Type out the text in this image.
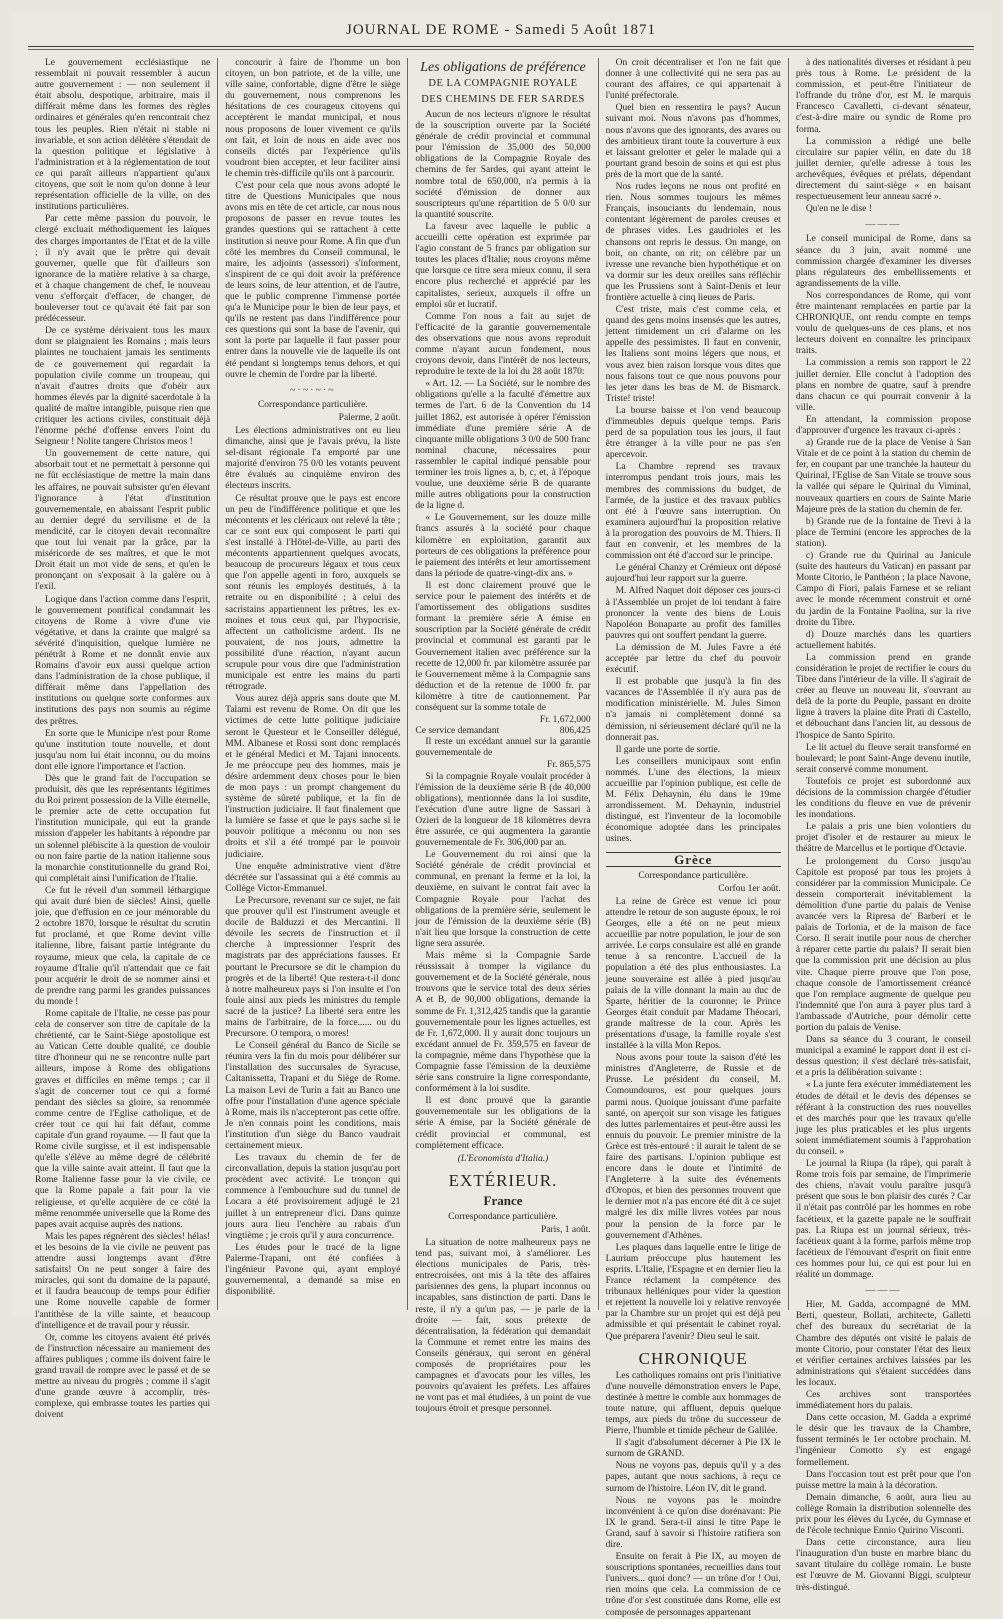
JOURNAL DE ROME - Samedi 5 Août 1871

Le gouvernement ecclésiastique ne ressemblait ni pouvait ressembler à aucun autre gouvernement : — non seulement il était absolu, despotique, arbitraire, mais il différait même dans les formes des règles ordinaires et générales qu'en rencontrait chez tous les peuples. Rien n'était ni stable ni invariable, et son action délétère s'étendait de la question politique et législative à l'administration et à la réglementation de tout ce qui paraît ailleurs n'appartient qu'aux citoyens, que soit le nom qu'on donne à leur représentation officielle de la ville, on des institutions particulières.

Par cette même passion du pouvoir, le clergé excluait méthodiquement les laïques des charges importantes de l'Etat et de la ville ; il n'y avait que le prêtre qui devait gouverner, quelle que fût d'ailleurs son ignorance de la matière relative à sa charge, et à chaque changement de chef, le nouveau venu s'efforçait d'effacer, de changer, de bouleverser tout ce qu'avait été fait par son prédécesseur.

De ce système dérivaient tous les maux dont se plaignaient les Romains ; mais leurs plaintes ne touchaient jamais les sentiments de ce gouvernement qui regardait la population civile comme un troupeau, qui n'avait d'autres droits que d'obéir aux hommes élevés par la dignité sacerdotale à la qualité de maître intangible, puisque rien que critiquer les actions civiles, constituait déjà l'énorme péché d'offense envers l'oint du Seigneur ! Nolite tangere Christos meos !

Un gouvernement de cette nature, qui absorbait tout et ne permettait à personne qui ne fût ecclésiastique de mettre la main dans les affaires, ne pouvait subsister qu'en élevant l'ignorance à l'état d'institution gouvernementale, en abaissant l'esprit public au dernier degré du servilisme et de la mendicité, car le citoyen devait reconnaître que tout lui venait par la grâce, par la miséricorde de ses maîtres, et que le mot Droit était un mot vide de sens, et qu'en le prononçant on s'exposait à la galère ou à l'exil.

Logique dans l'action comme dans l'esprit, le gouvernement pontifical condamnait les citoyens de Rome à vivre d'une vie végétative, et dans la crainte que malgré sa sévérité d'inquisition, quelque lumière ne pénétrât à Rome et ne donnât envie aux Romains d'avoir eux aussi quelque action dans l'administration de la chose publique, il différait même dans l'appellation des institutions ou quelque sorte conformes aux institutions des pays non soumis au régime des prêtres.

En sorte que le Municipe n'est pour Rome qu'une institution toute nouvelle, et dont jusqu'au nom lui était inconnu, ou du moins dont elle ignore l'importance et l'action.

Dès que le grand fait de l'occupation se produisit, dès que les représentants légitimes du Roi prirent possession de la Ville éternelle, le premier acte de cette occupation fut l'institution municipale, qui eut la grande mission d'appeler les habitants à répondre par un solennel plébiscite à la question de vouloir ou non faire partie de la nation italienne sous la monarchie constitutionnelle du grand Roi, qui complétait ainsi l'unification de l'Italie.

Ce fut le réveil d'un sommeil léthargique qui avait duré bien de siècles! Ainsi, quelle joie, que d'effusion en ce jour mémorable du 2 octobre 1870, lorsque le résultat du scrutin fut proclamé, et que Rome devint ville italienne, libre, faisant partie intégrante du royaume, mieux que cela, la capitale de ce royaume d'Italie qu'il n'attendait que ce fait pour acquérir le droit de se nommer ainsi et de prendre rang parmi les grandes puissances du monde !

Rome capitale de l'Italie, ne cesse pas pour cela de conserver son titre de capitale de la chrétienté, car le Saint-Siège apostolique est au Vatican Cette double qualité, ce double titre d'honneur qui ne se rencontre nulle part ailleurs, impose à Rome des obligations graves et difficiles en même temps ; car il s'agit de concerner tout ce qui a formé pendant des siècles sa gloire, sa renommée comme centre de l'Eglise catholique, et de créer tout ce qui lui fait défaut, comme capitale d'un grand royaume. — Il faut que la Rome civile surgisse, et il est indispensable qu'elle s'élève au même degré de célébrité que la ville sainte avait atteint. Il faut que la Rome Italienne fasse pour la vie civile, ce que la Rome papale a fait pour la vie religieuse, et qu'elle acquière de ce côté la même renommée universelle que la Rome des papes avait acquise auprès des nations.

Mais les papes régnèrent des siècles! hélas! et les besoins de la vie civile ne peuvent pas attendre aussi longtemps avant d'être satisfaits! On ne peut songer à faire des miracles, qui sont du domaine de la papauté, et il faudra beaucoup de temps pour édifier une Rome nouvelle capable de former l'antithèse de la ville sainte, et beaucoup d'intelligence et de travail pour y réussir.

Or, comme les citoyens avaient été privés de l'instruction nécessaire au maniement des affaires publiques ; comme ils doivent faire le grand travail de rompre avec le passé et de se mettre au niveau du progrès ; comme il s'agit d'une grande œuvre à accomplir, très-complexe, qui embrasse toutes les parties qui doivent

concourir à faire de l'homme un bon citoyen, un bon patriote, et de la ville, une ville saine, confortable, digne d'être le siège du gouvernement, nous comprenons les hésitations de ces courageux citoyens qui acceptèrent le mandat municipal, et nous nous proposons de louer vivement ce qu'ils ont fait, et loin de nous en aide avec nos conseils dictés par l'expérience qu'ils voudront bien accepter, et leur faciliter ainsi le chemin très-difficile qu'ils ont à parcourir.

C'est pour cela que nous avons adopté le titre de Questions Municipales que nous avons mis en tête de cet article, car nous nous proposons de passer en revue toutes les grandes questions qui se rattachent à cette institution si neuve pour Rome. A fin que d'un côté les membres du Conseil communal, le maire, les adjoints (assessori) s'informent, s'inspirent de ce qui doit avoir la préférence de leurs soins, de leur attention, et de l'autre, que le public comprenne l'immense portée qu'a le Municipe pour le bien de leur pays, et qu'ils ne restent pas dans l'indifférence pour ces questions qui sont la base de l'avenir, qui sont la porte par laquelle il faut passer pour entrer dans la nouvelle vie de laquelle ils ont été pendant si longtemps tenus dehors, et qui ouvre le chemin de l'ordre par la liberté.

~·~·~·~
Correspondance particulière.
Palerme, 2 août.

Les élections administratives ont eu lieu dimanche, ainsi que je l'avais prévu, la liste sel-disant régionale l'a emporté par une majorité d'environ 75 0/0 les votants peuvent être évalués au cinquième environ des électeurs inscrits.

Ce résultat prouve que le pays est encore un peu de l'indifférence politique et que les mécontents et les cléricaux ont relevé la tête ; car ce sont eux qui composent le parti qui s'est installé à l'Hôtel-de-Ville, au parti des mécontents appartiennent quelques avocats, beaucoup de procureurs légaux et tous ceux que l'on appelle agenti in foro, auxquels se sont réunis les employés destitués, à la retraite ou en disponibilité ; à celui des sacristains appartiennent les prêtres, les ex-moines et tous ceux qui, par l'hypocrisie, affectent un catholicisme ardent. Ils ne pouvaient, de nos jours, admettre la possibilité d'une réaction, n'ayant aucun scrupule pour vous dire que l'administration municipale est entre les mains du parti rétrograde.

Vous aurez déjà appris sans doute que M. Talami est revenu de Rome. On dit que les victimes de cette lutte politique judiciaire seront le Questeur et le Conseiller délégué, MM. Albanese et Rossi sont donc remplacés et le général Medici et M. Tajani innocents. Je me préoccupe peu des hommes, mais je désire ardemment deux choses pour le bien de mon pays : un prompt changement du système de sûreté publique, et la fin de l'instruction judiciaire. Il faut finalement que la lumière se fasse et que le pays sache si le pouvoir politique a méconnu ou non ses droits et s'il a été trompé par le pouvoir judiciaire.

Une enquête administrative vient d'être décrétée sur l'assassinat qui a été commis au Collège Victor-Emmanuel.

Le Precursore, revenant sur ce sujet, ne fait que prouver qu'il est l'instrument aveugle et docile de Balduzzi et des Mercantini. Il dévoile les secrets de l'instruction et il cherche à impressionner l'esprit des magistrats par des appréciations fausses. Et pourtant le Precursore se dit le champion du progrès et de la liberté! Que restera-t-il donc à notre malheureux pays si l'on insulte et l'on foule ainsi aux pieds les ministres du temple sacré de la justice? La liberté sera entre les mains de l'arbitraire, de la force...... ou du Precursore. O tempora, o mores!

Le Conseil général du Banco de Sicile se réunira vers la fin du mois pour délibérer sur l'installation des succursales de Syracuse, Caltanissetta, Trapani et du Siège de Rome. La maison Levi de Turin a fait au Banco une offre pour l'installation d'une agence spéciale à Rome, mais ils n'accepteront pas cette offre. Je n'en connais point les conditions, mais l'institution d'un siège du Banco vaudrait certainement mieux.

Les travaux du chemin de fer de circonvallation, depuis la station jusqu'au port procèdent avec activité. Le tronçon qui commence à l'embouchure sud du tunnel de Locara a été provisoirement adjugé le 21 juillet à un entrepreneur d'ici. Dans quinze jours aura lieu l'enchère au rabais d'un vingtième ; je crois qu'il y aura concurrence.

Les études pour le tracé de la ligne Palerme-Trapani, ont été confiées à l'ingénieur Pavone qui, ayant employé gouvernemental, a demandé sa mise en disponibilité.

Les obligations de préférence
DE LA COMPAGNIE ROYALE
DES CHEMINS DE FER SARDES

Aucun de nos lecteurs n'ignore le résultat de la souscription ouverte par la Société générale de crédit provincial et communal pour l'émission de 35,000 des 50,000 obligations de la Compagnie Royale des chemins de fer Sardes, qui ayant atteint le nombre total de 650,000, n'a permis à la société d'émission de donner aux souscripteurs qu'une répartition de 5 0/0 sur la quantité souscrite.

La faveur avec laquelle le public a accueilli cette opération est exprimée par l'agio constant de 5 francs par obligation sur toutes les places d'Italie; nous croyons même que lorsque ce titre sera mieux connu, il sera encore plus recherché et apprécié par les capitalistes, serieux, auxquels il offre un emploi sûr et lucratif.

Comme l'on nous a fait au sujet de l'efficacité de la garantie gouvernementale des observations que nous avons reproduit comme n'ayant aucun fondement, nous croyons devoir, dans l'intérêt de nos lecteurs, reproduire le texte de la loi du 28 août 1870:

« Art. 12. — La Société, sur le nombre des obligations qu'elle a la faculté d'émettre aux termes de l'art. 6 de la Convention du 14 juillet 1862, est autorisée à opérer l'émission immédiate d'une première série A de cinquante mille obligations 3 0/0 de 500 franc nominal chacune, nécessaires pour rassembler le capital indiqué pensable pour terminer les trois lignes a, b, c, et, à l'époque voulue, une deuxième série B de quarante mille autres obligations pour la construction de la ligne d.

« Le Gouvernement, sur les douze mille francs assurés à la société pour chaque kilomètre en exploitation, garantit aux porteurs de ces obligations la préférence pour le paiement des intérêts et leur amortissement dans la période de quatre-vingt-dix ans. »

Il est donc clairement prouvé que le service pour le paiement des intérêts et de l'amortissement des obligations susdites formant la première série A émise en souscription par la Société générale de crédit provincial et communal est garanti par le Gouvernement italien avec préférence sur la recette de 12,000 fr. par kilomètre assurée par le Gouvernement même à la Compagnie sans déduction et de la retenue de 1000 fr. par kilomètre à titre de cautionnement. Par conséquent sur la somme totale de

Fr. 1,672,000
Ce service demandant	806,425

Il reste un excédant annuel sur la garantie gouvernementale de

Fr. 865,575

Si la compagnie Royale voulait procéder à l'émission de la deuxième série B (de 40,000 obligations), mentionnée dans la loi susdite, l'exécution d'une autre ligne de Sassari à Ozieri de la longueur de 18 kilomètres devra être assurée, ce qui augmentera la garantie gouvernementale de Fr. 306,000 par an.

Le Gouvernement du roi ainsi que la Société générale de crédit provincial et communal, en prenant la ferme et la loi, la deuxième, en suivant le contrat fait avec la Compagnie Royale pour l'achat des obligations de la première série, seulement le jour de l'émission de la deuxième série (B) n'ait lieu que lorsque la construction de cette ligne sera assurée.

Mais même si la Compagnie Sarde réussissait à tromper la vigilance du gouvernement et de la Société générale, nous trouvons que le service total des deux séries A et B, de 90,000 obligations, demande la somme de Fr. 1,312,425 tandis que la garantie gouvernementale pour les lignes actuelles, est de Fr. 1,672,000. Il y aurait donc toujours un excédant annuel de Fr. 359,575 en faveur de la compagnie, même dans l'hypothèse que la Compagnie fasse l'émission de la deuxième série sans construire la ligne correspondante, conformément à la loi susdite.

Il est donc prouvé que la garantie gouvernementale sur les obligations de la série A émise, par la Société générale de crédit provincial et communal, est complètement efficace.

(L'Economista d'Italia.)
EXTÉRIEUR.
France
Correspondance particulière.
Paris, 1 août.

La situation de notre malheureux pays ne tend pas, suivant moi, à s'améliorer. Les élections municipales de Paris, très-entrecroisées, ont mis à la tête des affaires parisiennes des gens, la plupart inconnus ou incapables, sans distinction de parti. Dans le reste, il n'y a qu'un pas, — je parle de la droite — fait, sous prétexte de décentralisation, la fédération qui demandait la Commune et remet entre les mains des Conseils généraux, qui seront en général composés de propriétaires pour les campagnes et d'avocats pour les villes, les pouvoirs qu'avaient les préfets. Les affaires ne vont pas et mal étudiées, à un point de vue toujours étroit et presque personnel.

On croit décentraliser et l'on ne fait que donner à une collectivité qui ne sera pas au courant des affaires, ce qui appartenait à l'unité préfectorale.

Quel bien en ressentira le pays? Aucun suivant moi. Nous n'avons pas d'hommes, nous n'avons que des ignorants, des avares ou des ambitieux tirant toute la couverture à eux et laissant grelotter et geler le malade qui a pourtant grand besoin de soins et qui est plus près de la mort que de la santé.

Nos rudes leçons ne nous ont profité en rien. Nous sommes toujours les mêmes Français, insouciants du lendemain, nous contentant légèrement de paroles creuses et de phrases vides. Les gaudrioles et les chansons ont repris le dessus. On mange, on boit, on chante, on rit; on célèbre par un ivresse une revanche bien hypothétique et on va dormir sur les deux oreilles sans réfléchir que les Prussiens sont à Saint-Denis et leur frontière actuelle à cinq lieues de Paris.

C'est triste, mais c'est comme cela, et quand des gens moins insensés que les autres, jettent timidement un cri d'alarme on les appelle des pessimistes. Il faut en convenir, les Italiens sont moins légers que nous, et vous avez bien raison lorsque vous dites que nous faisons tout ce que nous pouvons pour les jeter dans les bras de M. de Bismarck. Triste! triste!

La bourse baisse et l'on vend beaucoup d'immeubles depuis quelque temps. Paris perd de sa population tous les jours, il faut être étranger à la ville pour ne pas s'en apercevoir.

La Chambre reprend ses travaux interrompus pendant trois jours, mais les membres des commissions du budget, de l'armée, de la justice et des travaux publics ont été à l'œuvre sans interruption. On examinera aujourd'hui la proposition relative à la prorogation des pouvoirs de M. Thiers. Il faut en convenir, et les membres de la commission ont été d'accord sur le principe.

Le général Chanzy et Crémieux ont déposé aujourd'hui leur rapport sur la guerre.

M. Alfred Naquet doit déposer ces jours-ci à l'Assemblée un projet de loi tendant à faire prononcer la vente des biens de Louis Napoléon Bonaparte au profit des familles pauvres qui ont souffert pendant la guerre.

La démission de M. Jules Favre a été acceptée par lettre du chef du pouvoir exécutif.

Il est probable que jusqu'à la fin des vacances de l'Assemblée il n'y aura pas de modification ministérielle. M. Jules Simon n'a jamais ni complètement donné sa démission, ni sérieusement déclaré qu'il ne la donnerait pas.

Il garde une porte de sortie.

Les conseillers municipaux sont enfin nommés. L'une des élections, la mieux accueillie par l'opinion publique, est celle de M. Félix Dehaynin, élu dans le 19me arrondissement. M. Dehaynin, industriel distingué, est l'inventeur de la locomobile économique adoptée dans les principales usines.

Grèce
Correspondance particulière.
Corfou 1er août.

La reine de Grèce est venue ici pour attendre le retour de son auguste époux, le roi Georges, elle a été on ne peut mieux accueillie par notre population, le jour de son arrivée. Le corps consulaire est allé en grande tenue à sa rencontre. L'accueil de la population a été des plus enthousiastes. La jeune souveraine est allée à pied jusqu'au palais de la ville donnant la main au duc de Sparte, héritier de la couronne; le Prince Georges était conduit par Madame Théocari, grande maîtresse de la cour. Après les présentations d'usage, la famille royale s'est installée à la villa Mon Repos.

Nous avons pour toute la saison d'été les ministres d'Angleterre, de Russie et de Prusse. Le président du conseil, M. Comoundouros, est pour quelques jours parmi nous. Quoique jouissant d'une parfaite santé, on aperçoit sur son visage les fatigues des luttes parlementaires et peut-être aussi les ennuis du pouvoir. Le premier ministre de la Grèce est très-entouré : il aurait le talent de se faire des partisans. L'opinion publique est encore dans le doute et l'intimité de l'Angleterre à la suite des événements d'Oropos, et bien des personnes trouvent que le dernier mot n'a pas encore été dit à ce sujet malgré les dix mille livres votées par nous pour la pension de la force par le gouvernement d'Athènes.

Les plaques dans laquelle entre le litige de Laurium préoccupe plus hautement les esprits. L'Italie, l'Espagne et en dernier lieu la France réclament la compétence des tribunaux helléniques pour vider la question et rejettent la nouvelle loi y relative renvoyée par la Chambre sur un projet qui est déjà peu admissible et qui présentait le cabinet royal. Que préparera l'avenir? Dieu seul le sait.

CHRONIQUE

Les catholiques romains ont pris l'initiative d'une nouvelle démonstration envers le Pape, destinée à mettre le comble aux hommages de toute nature, qui affluent, depuis quelque temps, aux pieds du trône du successeur de Pierre, l'humble et timide pêcheur de Galilée.

Il s'agit d'absolument décerner à Pie IX le surnom de GRAND.

Nous ne voyons pas, depuis qu'il y a des papes, autant que nous sachions, à reçu ce surnom de l'histoire. Léon IV, dit le grand.

Nous ne voyons pas le moindre inconvénient à ce qu'on dise dorénavant: Pie IX le grand. Sera-t-il ainsi le titre Pape le Grand, sauf à savoir si l'histoire ratifiera son dire.

Ensuite on ferait à Pie IX, au moyen de souscriptions spontanées, recueillies dans tout l'univers... quoi donc? — un trône d'or ! Oui, rien moins que cela. La commission de ce trône d'or s'est constituée dans Rome, elle est composée de personnages appartenant

à des nationalités diverses et résidant à peu près tous à Rome. Le président de la commission, et peut-être l'initiateur de l'offrande du trône d'or, est M. le marquis Francesco Cavalletti, ci-devant sénateur, c'est-à-dire maire ou syndic de Rome pro forma.

La commission a rédigé une belle circulaire sur papier vélin, en date du 18 juillet dernier, qu'elle adresse à tous les archevêques, évêques et prélats, dépendant directement du saint-siège « en baisant respectueusement leur anneau sacré ».

Qu'en ne le dise !

———

Le conseil municipal de Rome, dans sa séance du 3 juin, avait nommé une commission chargée d'examiner les diverses plans régulateurs des embellissements et agrandissements de la ville.

Nos correspondances de Rome, qui vont être maintenant remplacées en partie par la CHRONIQUE, ont rendu compte en temps voulu de quelques-uns de ces plans, et nos lecteurs doivent en connaître les principaux traits.

La commission a remis son rapport le 22 juillet dernier. Elle conclut à l'adoption des plans en nombre de quatre, sauf à prendre dans chacun ce qui pourrait convenir à la ville.

En attendant, la commission propose d'approuver d'urgence les travaux ci-après :

a) Grande rue de la place de Venise à San Vitale et de ce point à la station du chemin de fer, en coupant par une tranchée la hauteur du Quirinal, l'Eglise de San Vitale se trouve sous la vallée qui sépare le Quirinal du Viminal, nouveaux quartiers en cours de Sainte Marie Majeure près de la station du chemin de fer.

b) Grande rue de la fontaine de Trevi à la place de Termini (encore les approches de la station).

c) Grande rue du Quirinal au Janicule (suite des hauteurs du Vatican) en passant par Monte Citorio, le Panthéon ; la place Navone, Campo di Fiori, palais Farnese et se reliant avec le monde récemment construit et orné du jardin de la Fontaine Paolina, sur la rive droite du Tibre.

d) Douze marchés dans les quartiers actuellement habités.

La commission prend en grande considération le projet de rectifier le cours du Tibre dans l'intérieur de la ville. Il s'agirait de créer au fleuve un nouveau lit, s'ouvrant au delà de la porte du Peuple, passant en droite ligne à travers la plaine dite Prati di Castello, et débouchant dans l'ancien lit, au dessous de l'hospice de Santo Spirito.

Le lit actuel du fleuve serait transformé en boulevard; le pont Saint-Ange devenu inutile, serait conservé comme monument.

Toutefois ce projet est subordonné aux décisions de la commission chargée d'étudier les conditions du fleuve en vue de prévenir les inondations.

Le palais a pris une bien volontiers du projet d'isoler et de restaurer au mieux le théâtre de Marcellus et le portique d'Octavie.

Le prolongement du Corso jusqu'au Capitole est proposé par tous les projets à considérer par la commission Municipale. Ce dessein comporterait inévitablement la démolition d'une partie du palais de Venise avancée vers la Ripresa de' Barberi et le palais de Torlonia, et de la maison de face Corso. Il serait inutile pour nous de chercher à réparer cette partie du palais? Il serait bien que la commission prit une décision au plus vite. Chaque pierre prouve que l'on pose, chaque console de l'amortissement créancé que l'on remplace augmente de quelque peu l'indemnité que l'on aura à payer plus tard à l'ambassade d'Autriche, pour démolir cette portion du palais de Venise.

Dans sa séance du 3 courant, le conseil municipal a examiné le rapport dont il est ci-dessus question; il s'est déclaré très-satisfait, et a pris la délibération suivante :

« La junte fera exécuter immédiatement les études de détail et le devis des dépenses se référant à la construction des rues nouvelles et des marchés pour que les travaux qu'elle juge les plus praticables et les plus urgents soient immédiatement soumis à l'approbation du conseil. »

Le journal la Riupa (la râpe), qui paraît à Rome trois fois par semaine, de l'imprimerie des chiens, n'avait voulu paraître jusqu'à présent que sous le bon plaisir des curés ? Car il n'était pas contrôlé par les hommes en robe facétieux, et la gazette papale ne le souffrait pas. La Riupa est un journal sérieux, très-facétieux quant à la forme, parfois même trop facétieux de l'émouvant d'esprit on finit entre ces hommes pour lui, ce qui est pour lui en réalité un dommage.

———

Hier, M. Gadda, accompagné de MM. Berti, questeur, Bollati, architecte, Galletti chef des bureaux du secrétariat de la Chambre des députés ont visité le palais de monte Citorio, pour constater l'état des lieux et vérifier certaines archives laissées par les administrations qui s'étaient succédées dans les locaux.

Ces archives sont transportées immédiatement hors du palais.

Dans cette occasion, M. Gadda a exprimé le désir que les travaux de la Chambre, fussent terminés le 1er octobre prochain. M. l'ingénieur Comotto s'y est engagé formellement.

Dans l'occasion tout est prêt pour que l'on puisse mettre la main à la décoration.

Demain dimanche, 6 août, aura lieu au collège Romain la distribution solennelle des prix pour les élèves du Lycée, du Gymnase et de l'école technique Ennio Quirino Visconti.

Dans cette circonstance, aura lieu l'inauguration d'un buste en marbre blanc du savant titulaire du collège romain. Le buste est l'œuvre de M. Giovanni Biggi, sculpteur très-distingué.
